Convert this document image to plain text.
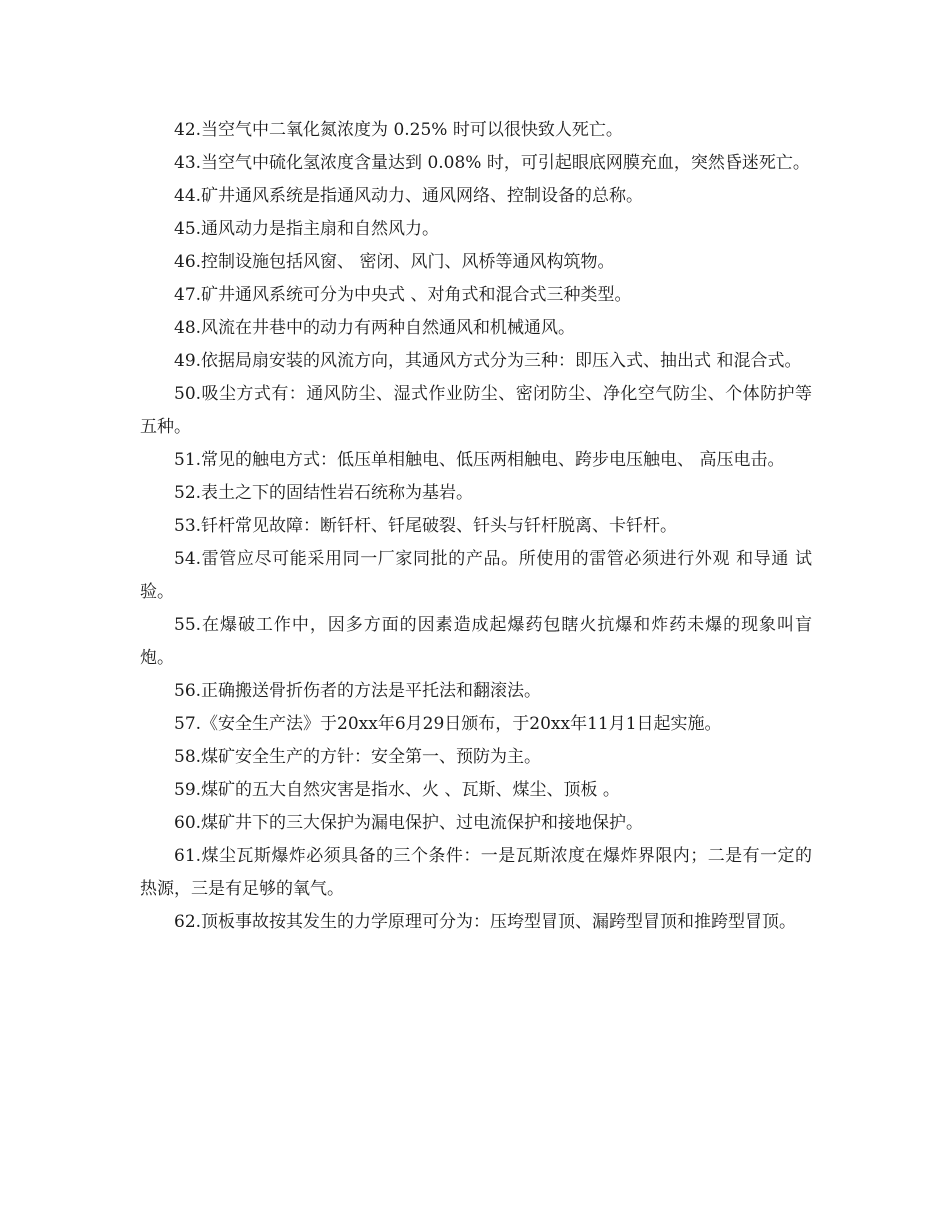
42.当空气中二氧化氮浓度为 0.25% 时可以很快致人死亡。

43.当空气中硫化氢浓度含量达到 0.08% 时，可引起眼底网膜充血，突然昏迷死亡。

44.矿井通风系统是指通风动力、通风网络、控制设备的总称。

45.通风动力是指主扇和自然风力。

46.控制设施包括风窗、 密闭、风门、风桥等通风构筑物。

47.矿井通风系统可分为中央式 、对角式和混合式三种类型。

48.风流在井巷中的动力有两种自然通风和机械通风。

49.依据局扇安装的风流方向，其通风方式分为三种：即压入式、抽出式 和混合式。

50.吸尘方式有：通风防尘、湿式作业防尘、密闭防尘、净化空气防尘、个体防护等五种。

51.常见的触电方式：低压单相触电、低压两相触电、跨步电压触电、 高压电击。

52.表土之下的固结性岩石统称为基岩。

53.钎杆常见故障：断钎杆、钎尾破裂、钎头与钎杆脱离、卡钎杆。

54.雷管应尽可能采用同一厂家同批的产品。所使用的雷管必须进行外观 和导通 试验。

55.在爆破工作中，因多方面的因素造成起爆药包瞎火抗爆和炸药未爆的现象叫盲炮。

56.正确搬送骨折伤者的方法是平托法和翻滚法。

57.《安全生产法》于20xx年6月29日颁布，于20xx年11月1日起实施。

58.煤矿安全生产的方针：安全第一、预防为主。

59.煤矿的五大自然灾害是指水、火 、瓦斯、煤尘、顶板 。

60.煤矿井下的三大保护为漏电保护、过电流保护和接地保护。

61.煤尘瓦斯爆炸必须具备的三个条件：一是瓦斯浓度在爆炸界限内；二是有一定的热源，三是有足够的氧气。

62.顶板事故按其发生的力学原理可分为：压垮型冒顶、漏跨型冒顶和推跨型冒顶。
